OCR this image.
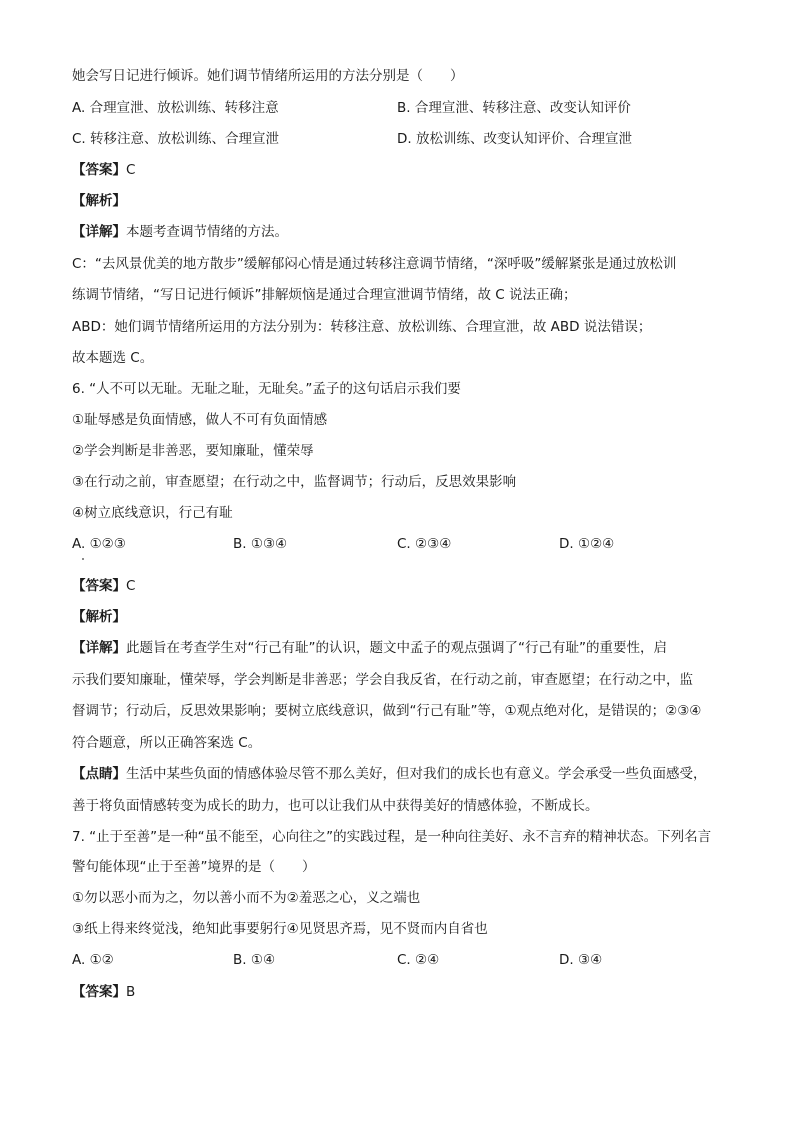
她会写日记进行倾诉。她们调节情绪所运用的方法分别是（　　）
A. 合理宣泄、放松训练、转移注意	B. 合理宣泄、转移注意、改变认知评价
C. 转移注意、放松训练、合理宣泄	D. 放松训练、改变认知评价、合理宣泄
【答案】C
【解析】
【详解】本题考查调节情绪的方法。
C：“去风景优美的地方散步”缓解郁闷心情是通过转移注意调节情绪，“深呼吸”缓解紧张是通过放松训
练调节情绪，“写日记进行倾诉”排解烦恼是通过合理宣泄调节情绪，故 C 说法正确；
ABD：她们调节情绪所运用的方法分别为：转移注意、放松训练、合理宣泄，故 ABD 说法错误；
故本题选 C。
6. “人不可以无耻。无耻之耻，无耻矣。”孟子的这句话启示我们要
①耻辱感是负面情感，做人不可有负面情感
②学会判断是非善恶，要知廉耻，懂荣辱
③在行动之前，审查愿望；在行动之中，监督调节；行动后，反思效果影响
④树立底线意识，行己有耻
A. ①②③	B. ①③④	C. ②③④	D. ①②④
【答案】C
【解析】
【详解】此题旨在考查学生对“行己有耻”的认识，题文中孟子的观点强调了“行己有耻”的重要性，启
示我们要知廉耻，懂荣辱，学会判断是非善恶；学会自我反省，在行动之前，审查愿望；在行动之中，监
督调节；行动后，反思效果影响；要树立底线意识，做到“行己有耻”等，①观点绝对化，是错误的；②③④
符合题意，所以正确答案选 C。
【点睛】生活中某些负面的情感体验尽管不那么美好，但对我们的成长也有意义。学会承受一些负面感受，
善于将负面情感转变为成长的助力，也可以让我们从中获得美好的情感体验，不断成长。
7. “止于至善”是一种“虽不能至，心向往之”的实践过程，是一种向往美好、永不言弃的精神状态。下列名言
警句能体现“止于至善”境界的是（　　）
①勿以恶小而为之，勿以善小而不为②羞恶之心，义之端也
③纸上得来终觉浅，绝知此事要躬行④见贤思齐焉，见不贤而内自省也
A. ①②	B. ①④	C. ②④	D. ③④
【答案】B
